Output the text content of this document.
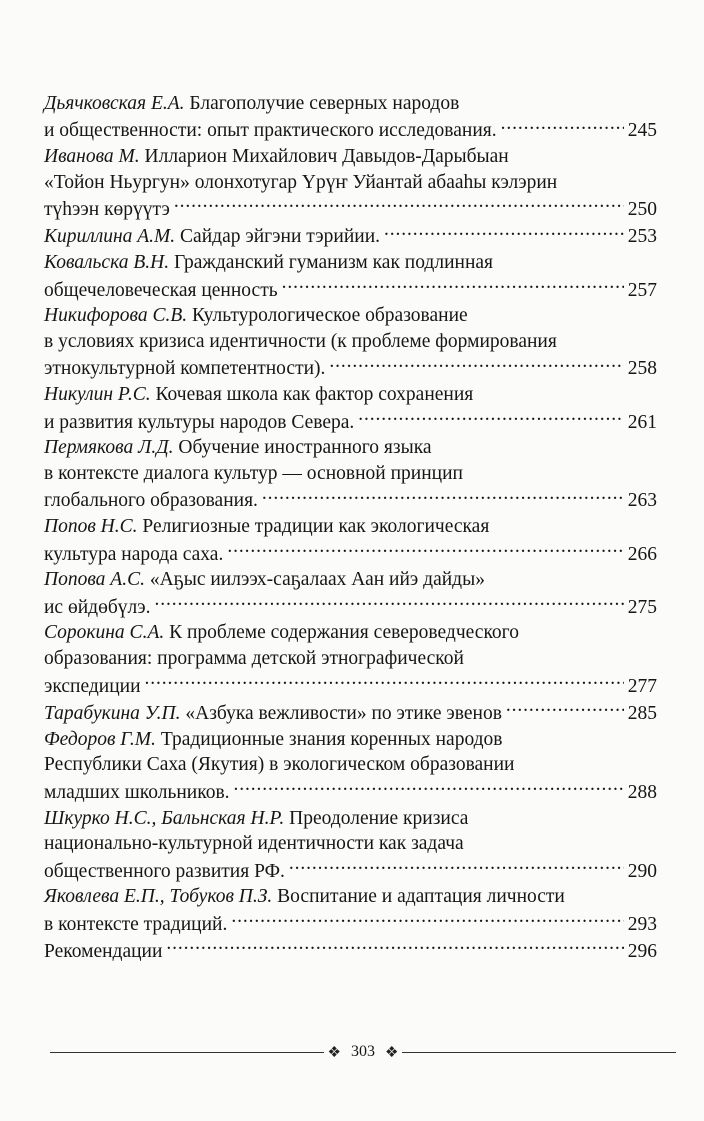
Дьячковская Е.А. Благополучие северных народов
и общественности: опыт практического исследования. . . .	245
Иванова М. Илларион Михайлович Давыдов-Дарыбыан
«Тойон Ньургун» олонхотугар Үрүҥ Уйантай абааһы кэлэрин
түһээн көрүүтэ . . .	250
Кириллина А.М. Сайдар эйгэни тэрийии. . . .	253
Ковальска В.Н. Гражданский гуманизм как подлинная
общечеловеческая ценность . . .	257
Никифорова С.В. Культурологическое образование
в условиях кризиса идентичности (к проблеме формирования
этнокультурной компетентности). . . .	258
Никулин Р.С. Кочевая школа как фактор сохранения
и развития культуры народов Севера. . . .	261
Пермякова Л.Д. Обучение иностранного языка
в контексте диалога культур — основной принцип
глобального образования. . . .	263
Попов Н.С. Религиозные традиции как экологическая
культура народа саха. . . .	266
Попова А.С. «Аҕыс иилээх-саҕалаах Аан ийэ дайды»
ис өйдөбүлэ. . . .	275
Сорокина С.А. К проблеме содержания североведческого
образования: программа детской этнографической
экспедиции . . .	277
Тарабукина У.П. «Азбука вежливости» по этике эвенов . . .	285
Федоров Г.М. Традиционные знания коренных народов
Республики Саха (Якутия) в экологическом образовании
младших школьников. . . .	288
Шкурко Н.С., Бальнская Н.Р. Преодоление кризиса
национально-культурной идентичности как задача
общественного развития РФ. . . .	290
Яковлева Е.П., Тобуков П.З. Воспитание и адаптация личности
в контексте традиций. . . .	293
Рекомендации . . .	296
❖ 303 ❖
